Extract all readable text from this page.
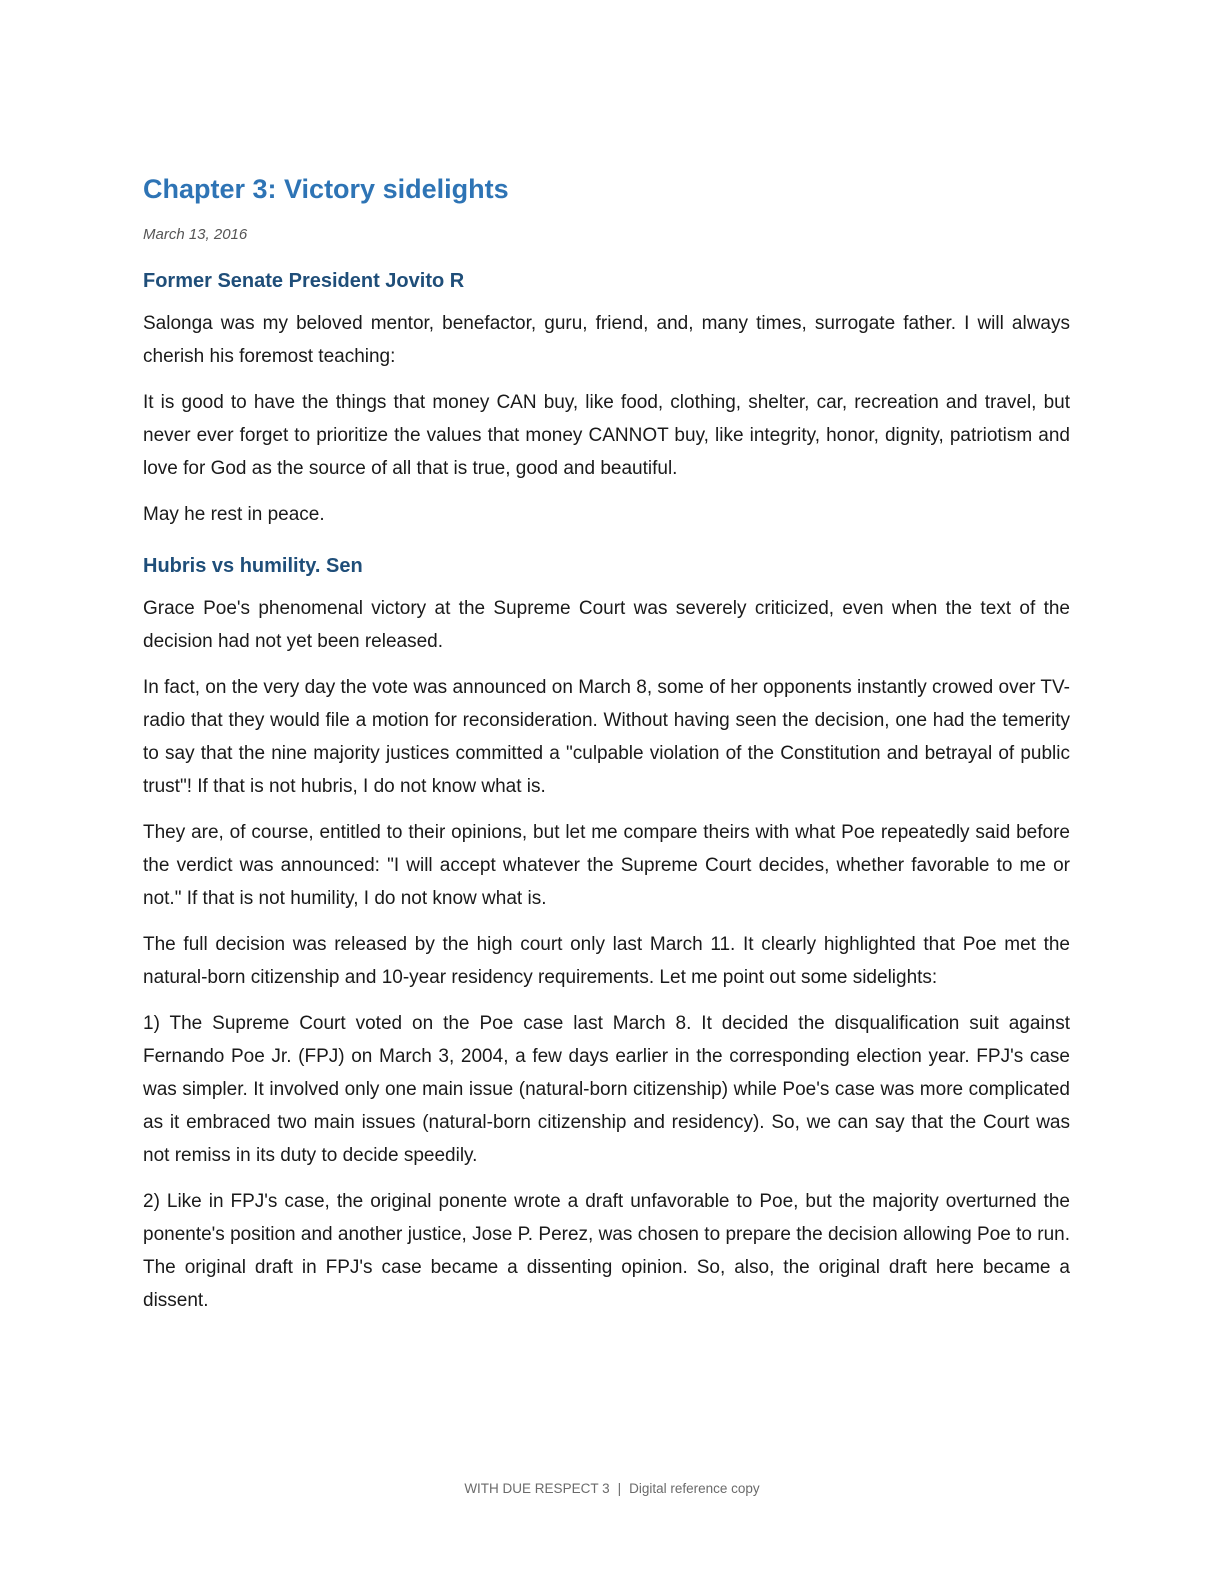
Chapter 3: Victory sidelights

March 13, 2016

Former Senate President Jovito R

Salonga was my beloved mentor, benefactor, guru, friend, and, many times, surrogate father. I will always cherish his foremost teaching:

It is good to have the things that money CAN buy, like food, clothing, shelter, car, recreation and travel, but never ever forget to prioritize the values that money CANNOT buy, like integrity, honor, dignity, patriotism and love for God as the source of all that is true, good and beautiful.

May he rest in peace.

Hubris vs humility. Sen

Grace Poe's phenomenal victory at the Supreme Court was severely criticized, even when the text of the decision had not yet been released.

In fact, on the very day the vote was announced on March 8, some of her opponents instantly crowed over TV-radio that they would file a motion for reconsideration. Without having seen the decision, one had the temerity to say that the nine majority justices committed a "culpable violation of the Constitution and betrayal of public trust"! If that is not hubris, I do not know what is.

They are, of course, entitled to their opinions, but let me compare theirs with what Poe repeatedly said before the verdict was announced: "I will accept whatever the Supreme Court decides, whether favorable to me or not." If that is not humility, I do not know what is.

The full decision was released by the high court only last March 11. It clearly highlighted that Poe met the natural-born citizenship and 10-year residency requirements. Let me point out some sidelights:

1) The Supreme Court voted on the Poe case last March 8. It decided the disqualification suit against Fernando Poe Jr. (FPJ) on March 3, 2004, a few days earlier in the corresponding election year. FPJ's case was simpler. It involved only one main issue (natural-born citizenship) while Poe's case was more complicated as it embraced two main issues (natural-born citizenship and residency). So, we can say that the Court was not remiss in its duty to decide speedily.

2) Like in FPJ's case, the original ponente wrote a draft unfavorable to Poe, but the majority overturned the ponente's position and another justice, Jose P. Perez, was chosen to prepare the decision allowing Poe to run. The original draft in FPJ's case became a dissenting opinion. So, also, the original draft here became a dissent.

WITH DUE RESPECT 3 | Digital reference copy
